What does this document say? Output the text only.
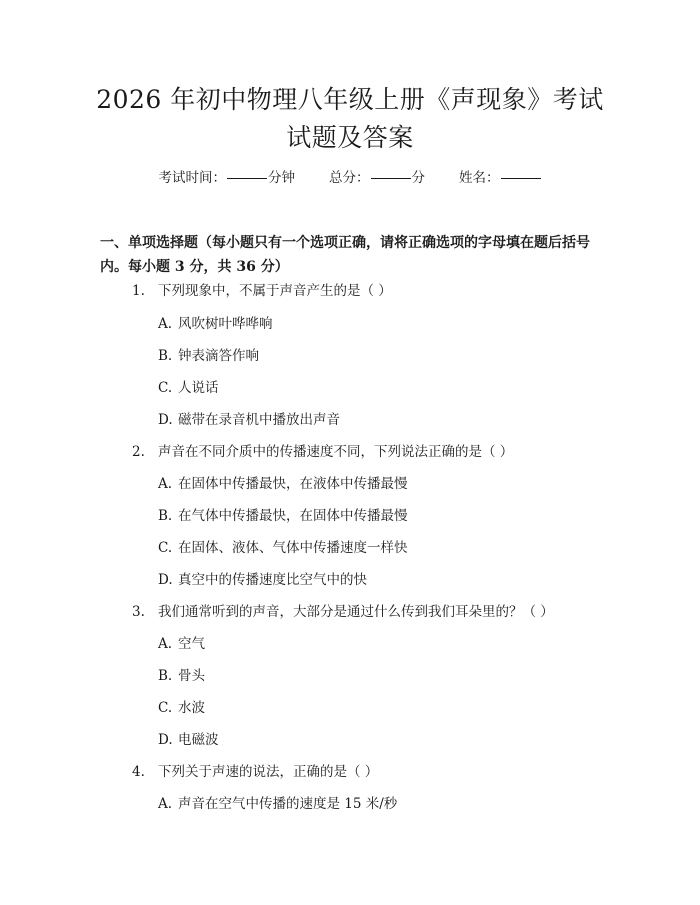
2026 年初中物理八年级上册《声现象》考试
试题及答案
考试时间：	分钟	总分：	分	姓名：
一、单项选择题（每小题只有一个选项正确，请将正确选项的字母填在题后括号内。每小题 3 分，共 36 分）
1. 下列现象中，不属于声音产生的是（ ）
A. 风吹树叶哗哗响
B. 钟表滴答作响
C. 人说话
D. 磁带在录音机中播放出声音
2. 声音在不同介质中的传播速度不同，下列说法正确的是（ ）
A. 在固体中传播最快，在液体中传播最慢
B. 在气体中传播最快，在固体中传播最慢
C. 在固体、液体、气体中传播速度一样快
D. 真空中的传播速度比空气中的快
3. 我们通常听到的声音，大部分是通过什么传到我们耳朵里的？（ ）
A. 空气
B. 骨头
C. 水波
D. 电磁波
4. 下列关于声速的说法，正确的是（ ）
A. 声音在空气中传播的速度是 15 米/秒
